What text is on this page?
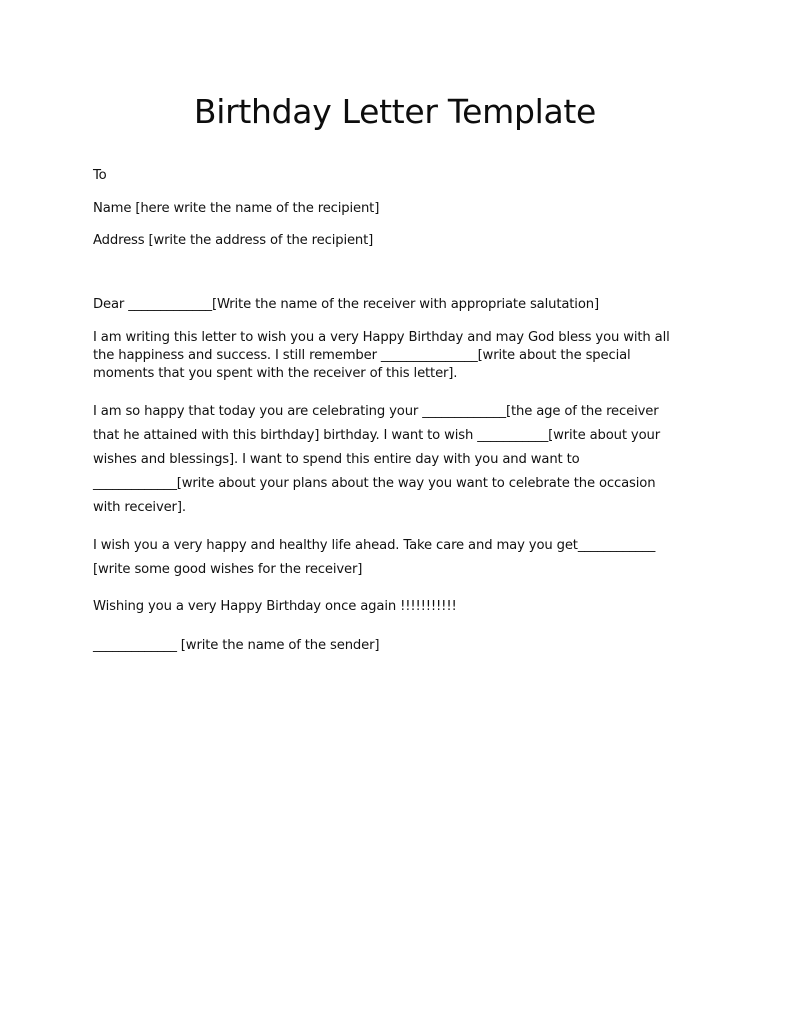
Birthday Letter Template

To

Name [here write the name of the recipient]

Address [write the address of the recipient]

Dear _____________[Write the name of the receiver with appropriate salutation]

I am writing this letter to wish you a very Happy Birthday and may God bless you with all
the happiness and success. I still remember _______________[write about the special
moments that you spent with the receiver of this letter].
I am so happy that today you are celebrating your _____________[the age of the receiver
that he attained with this birthday] birthday. I want to wish ___________[write about your
wishes and blessings]. I want to spend this entire day with you and want to
_____________[write about your plans about the way you want to celebrate the occasion
with receiver].
I wish you a very happy and healthy life ahead. Take care and may you get____________
[write some good wishes for the receiver]

Wishing you a very Happy Birthday once again !!!!!!!!!!!

_____________ [write the name of the sender]
